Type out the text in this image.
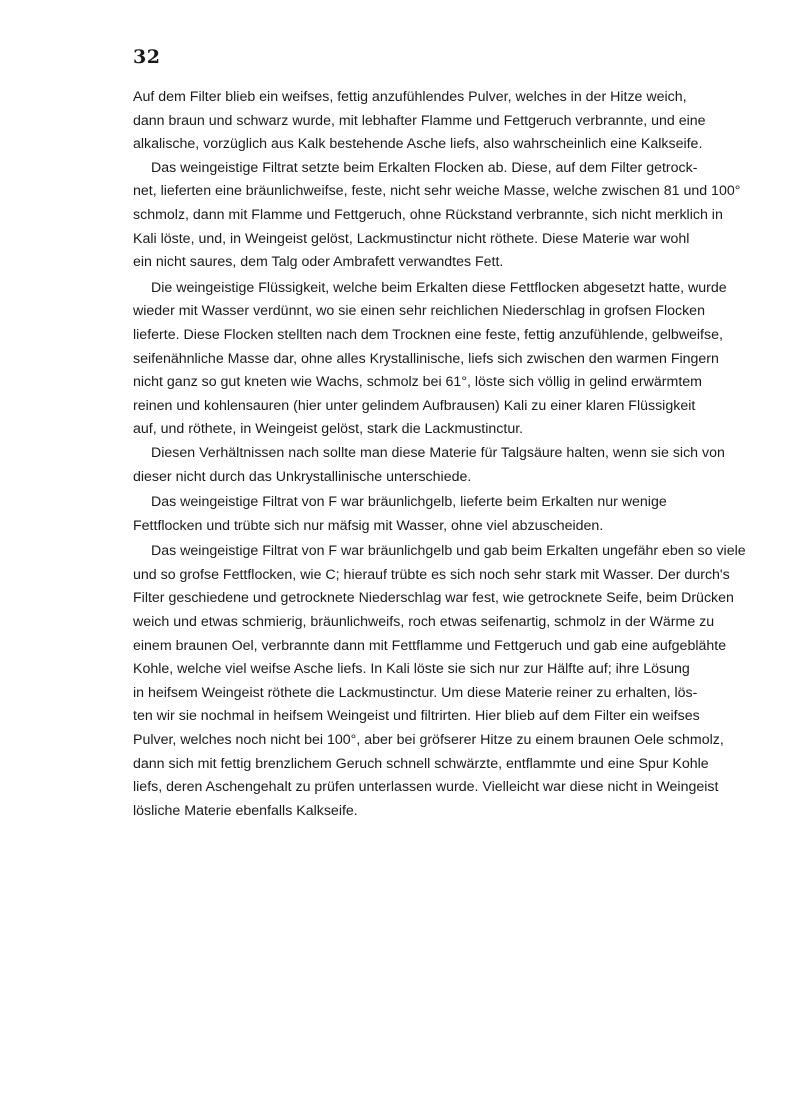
32
Auf dem Filter blieb ein weifses, fettig anzufühlendes Pulver, welches in der Hitze weich,
dann braun und schwarz wurde, mit lebhafter Flamme und Fettgeruch verbrannte, und eine
alkalische, vorzüglich aus Kalk bestehende Asche liefs, also wahrscheinlich eine Kalkseife.
Das weingeistige Filtrat setzte beim Erkalten Flocken ab. Diese, auf dem Filter getrock-
net, lieferten eine bräunlichweifse, feste, nicht sehr weiche Masse, welche zwischen 81 und 100°
schmolz, dann mit Flamme und Fettgeruch, ohne Rückstand verbrannte, sich nicht merklich in
Kali löste, und, in Weingeist gelöst, Lackmustinctur nicht röthete. Diese Materie war wohl
ein nicht saures, dem Talg oder Ambrafett verwandtes Fett.
Die weingeistige Flüssigkeit, welche beim Erkalten diese Fettflocken abgesetzt hatte, wurde
wieder mit Wasser verdünnt, wo sie einen sehr reichlichen Niederschlag in grofsen Flocken
lieferte. Diese Flocken stellten nach dem Trocknen eine feste, fettig anzufühlende, gelbweifse,
seifenähnliche Masse dar, ohne alles Krystallinische, liefs sich zwischen den warmen Fingern
nicht ganz so gut kneten wie Wachs, schmolz bei 61°, löste sich völlig in gelind erwärmtem
reinen und kohlensauren (hier unter gelindem Aufbrausen) Kali zu einer klaren Flüssigkeit
auf, und röthete, in Weingeist gelöst, stark die Lackmustinctur.
Diesen Verhältnissen nach sollte man diese Materie für Talgsäure halten, wenn sie sich von
dieser nicht durch das Unkrystallinische unterschiede.
Das weingeistige Filtrat von F war bräunlichgelb, lieferte beim Erkalten nur wenige
Fettflocken und trübte sich nur mäfsig mit Wasser, ohne viel abzuscheiden.
Das weingeistige Filtrat von F war bräunlichgelb und gab beim Erkalten ungefähr eben so viele
und so grofse Fettflocken, wie C; hierauf trübte es sich noch sehr stark mit Wasser. Der durch's
Filter geschiedene und getrocknete Niederschlag war fest, wie getrocknete Seife, beim Drücken
weich und etwas schmierig, bräunlichweifs, roch etwas seifenartig, schmolz in der Wärme zu
einem braunen Oel, verbrannte dann mit Fettflamme und Fettgeruch und gab eine aufgeblähte
Kohle, welche viel weifse Asche liefs. In Kali löste sie sich nur zur Hälfte auf; ihre Lösung
in heifsem Weingeist röthete die Lackmustinctur. Um diese Materie reiner zu erhalten, lös-
ten wir sie nochmal in heifsem Weingeist und filtrirten. Hier blieb auf dem Filter ein weifses
Pulver, welches noch nicht bei 100°, aber bei gröfserer Hitze zu einem braunen Oele schmolz,
dann sich mit fettig brenzlichem Geruch schnell schwärzte, entflammte und eine Spur Kohle
liefs, deren Aschengehalt zu prüfen unterlassen wurde. Vielleicht war diese nicht in Weingeist
lösliche Materie ebenfalls Kalkseife.
